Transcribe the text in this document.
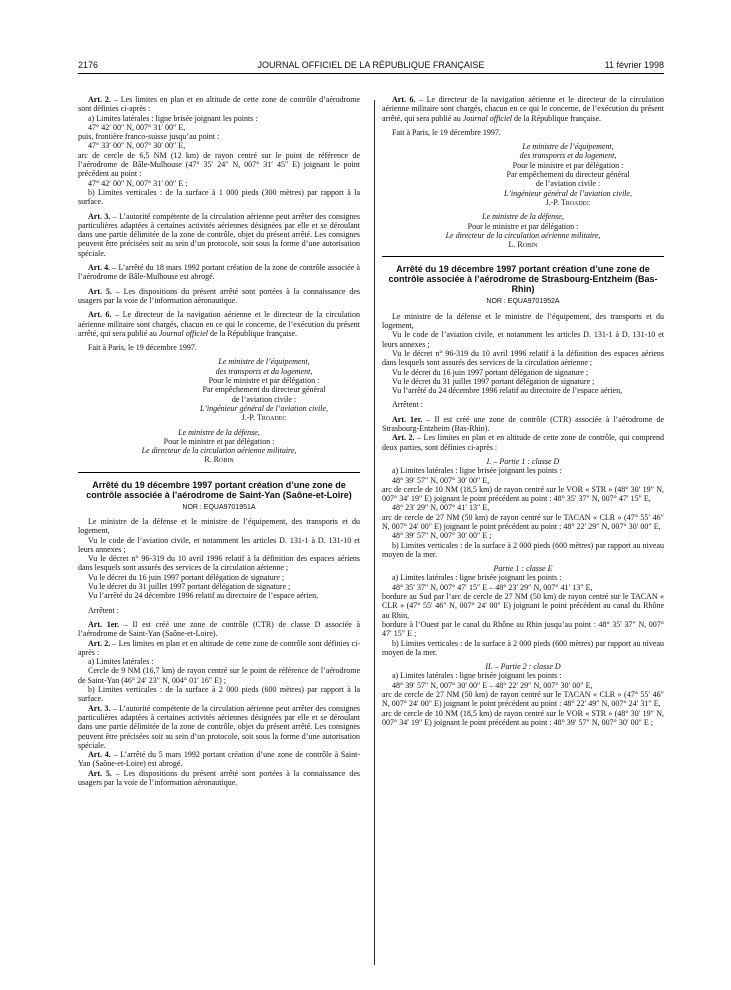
2176	JOURNAL OFFICIEL DE LA RÉPUBLIQUE FRANÇAISE	11 février 1998

Art. 2. – Les limites en plan et en altitude de cette zone de contrôle d’aérodrome sont définies ci-après :

a) Limites latérales : ligne brisée joignant les points :

47° 42′ 00″ N, 007° 31′ 00″ E,

puis, frontière franco-suisse jusqu’au point :

47° 33′ 00″ N, 007° 30′ 00″ E,

arc de cercle de 6,5 NM (12 km) de rayon centré sur le point de référence de l’aérodrome de Bâle-Mulhouse (47° 35′ 24″ N, 007° 31′ 45″ E) joignant le point précédent au point :

47° 42′ 00″ N, 007° 31′ 00″ E ;

b) Limites verticales : de la surface à 1 000 pieds (300 mètres) par rapport à la surface.

Art. 3. – L’autorité compétente de la circulation aérienne peut arrêter des consignes particulières adaptées à certaines activités aériennes désignées par elle et se déroulant dans une partie délimitée de la zone de contrôle, objet du présent arrêté. Les consignes peuvent être précisées soit au sein d’un protocole, soit sous la forme d’une autorisation spéciale.

Art. 4. – L’arrêté du 18 mars 1992 portant création de la zone de contrôle associée à l’aérodrome de Bâle-Mulhouse est abrogé.

Art. 5. – Les dispositions du présent arrêté sont portées à la connaissance des usagers par la voie de l’information aéronautique.

Art. 6. – Le directeur de la navigation aérienne et le directeur de la circulation aérienne militaire sont chargés, chacun en ce qui le concerne, de l’exécution du présent arrêté, qui sera publié au Journal officiel de la République française.

Fait à Paris, le 19 décembre 1997.

Le ministre de l’équipement,

des transports et du logement,

Pour le ministre et par délégation :

Par empêchement du directeur général

de l’aviation civile :

L’ingénieur général de l’aviation civile,

J.-P. Troadec

Le ministre de la défense,

Pour le ministre et par délégation :

Le directeur de la circulation aérienne militaire,

R. Robin

Arrêté du 19 décembre 1997 portant création d’une zone de contrôle associée à l’aérodrome de Saint-Yan (Saône-et-Loire)

NOR : EQUA9701951A

Le ministre de la défense et le ministre de l’équipement, des transports et du logement,

Vu le code de l’aviation civile, et notamment les articles D. 131-1 à D. 131-10 et leurs annexes ;

Vu le décret n° 96-319 du 10 avril 1996 relatif à la définition des espaces aériens dans lesquels sont assurés des services de la circulation aérienne ;

Vu le décret du 16 juin 1997 portant délégation de signature ;

Vu le décret du 31 juillet 1997 portant délégation de signature ;

Vu l’arrêté du 24 décembre 1996 relatif au directoire de l’espace aérien,

Arrêtent :

Art. 1er. – Il est créé une zone de contrôle (CTR) de classe D associée à l’aérodrome de Saint-Yan (Saône-et-Loire).

Art. 2. – Les limites en plan et en altitude de cette zone de contrôle sont définies ci-après :

a) Limites latérales :

Cercle de 9 NM (16,7 km) de rayon centré sur le point de référence de l’aérodrome de Saint-Yan (46° 24′ 23″ N, 004° 01′ 16″ E) ;

b) Limites verticales : de la surface à 2 000 pieds (600 mètres) par rapport à la surface.

Art. 3. – L’autorité compétente de la circulation aérienne peut arrêter des consignes particulières adaptées à certaines activités aériennes désignées par elle et se déroulant dans une partie délimitée de la zone de contrôle, objet du présent arrêté. Les consignes peuvent être précisées soit au sein d’un protocole, soit sous la forme d’une autorisation spéciale.

Art. 4. – L’arrêté du 5 mars 1992 portant création d’une zone de contrôle à Saint-Yan (Saône-et-Loire) est abrogé.

Art. 5. – Les dispositions du présent arrêté sont portées à la connaissance des usagers par la voie de l’information aéronautique.

Art. 6. – Le directeur de la navigation aérienne et le directeur de la circulation aérienne militaire sont chargés, chacun en ce qui le concerne, de l’exécution du présent arrêté, qui sera publié au Journal officiel de la République française.

Fait à Paris, le 19 décembre 1997.

Le ministre de l’équipement,

des transports et du logement,

Pour le ministre et par délégation :

Par empêchement du directeur général

de l’aviation civile :

L’ingénieur général de l’aviation civile,

J.-P. Troadec

Le ministre de la défense,

Pour le ministre et par délégation :

Le directeur de la circulation aérienne militaire,

L. Robin

Arrêté du 19 décembre 1997 portant création d’une zone de contrôle associée à l’aérodrome de Strasbourg-Entzheim (Bas-Rhin)

NOR : EQUA9701952A

Le ministre de la défense et le ministre de l’équipement, des transports et du logement,

Vu le code de l’aviation civile, et notamment les articles D. 131-1 à D. 131-10 et leurs annexes ;

Vu le décret n° 96-319 du 10 avril 1996 relatif à la définition des espaces aériens dans lesquels sont assurés des services de la circulation aérienne ;

Vu le décret du 16 juin 1997 portant délégation de signature ;

Vu le décret du 31 juillet 1997 portant délégation de signature ;

Vu l’arrêté du 24 décembre 1996 relatif au directoire de l’espace aérien,

Arrêtent :

Art. 1er. – Il est créé une zone de contrôle (CTR) associée à l’aérodrome de Strasbourg-Entzheim (Bas-Rhin).

Art. 2. – Les limites en plan et en altitude de cette zone de contrôle, qui comprend deux parties, sont définies ci-après :

I. – Partie 1 : classe D

a) Limites latérales : ligne brisée joignant les points :

48° 39′ 57″ N, 007° 30′ 00″ E,

arc de cercle de 10 NM (18,5 km) de rayon centré sur le VOR « STR » (48° 30′ 19″ N, 007° 34′ 19″ E) joignant le point précédent au point : 48° 35′ 37″ N, 007° 47′ 15″ E,

48° 23′ 29″ N, 007° 41′ 13″ E,

arc de cercle de 27 NM (50 km) de rayon centré sur le TACAN « CLR » (47° 55′ 46″ N, 007° 24′ 00″ E) joignant le point précédent au point : 48° 22′ 29″ N, 007° 30′ 00″ E,

48° 39′ 57″ N, 007° 30′ 00″ E ;

b) Limites verticales : de la surface à 2 000 pieds (600 mètres) par rapport au niveau moyen de la mer.

Partie 1 : classe E

a) Limites latérales : ligne brisée joignant les points :

48° 35′ 37″ N, 007° 47′ 15″ E – 48° 23′ 29″ N, 007° 41′ 13″ E,

bordure au Sud par l’arc de cercle de 27 NM (50 km) de rayon centré sur le TACAN « CLR » (47° 55′ 46″ N, 007° 24′ 00″ E) joignant le point précédent au canal du Rhône au Rhin,

bordure à l’Ouest par le canal du Rhône au Rhin jusqu’au point : 48° 35′ 37″ N, 007° 47′ 15″ E ;

b) Limites verticales : de la surface à 2 000 pieds (600 mètres) par rapport au niveau moyen de la mer.

II. – Partie 2 : classe D

a) Limites latérales : ligne brisée joignant les points :

48° 39′ 57″ N, 007° 30′ 00″ E – 48° 22′ 29″ N, 007° 30′ 00″ E,

arc de cercle de 27 NM (50 km) de rayon centré sur le TACAN « CLR » (47° 55′ 46″ N, 007° 24′ 00″ E) joignant le point précédent au point : 48° 22′ 49″ N, 007° 24′ 31″ E,

arc de cercle de 10 NM (18,5 km) de rayon centré sur le VOR « STR » (48° 30′ 19″ N, 007° 34′ 19″ E) joignant le point précédent au point : 48° 39′ 57″ N, 007° 30′ 00″ E ;
